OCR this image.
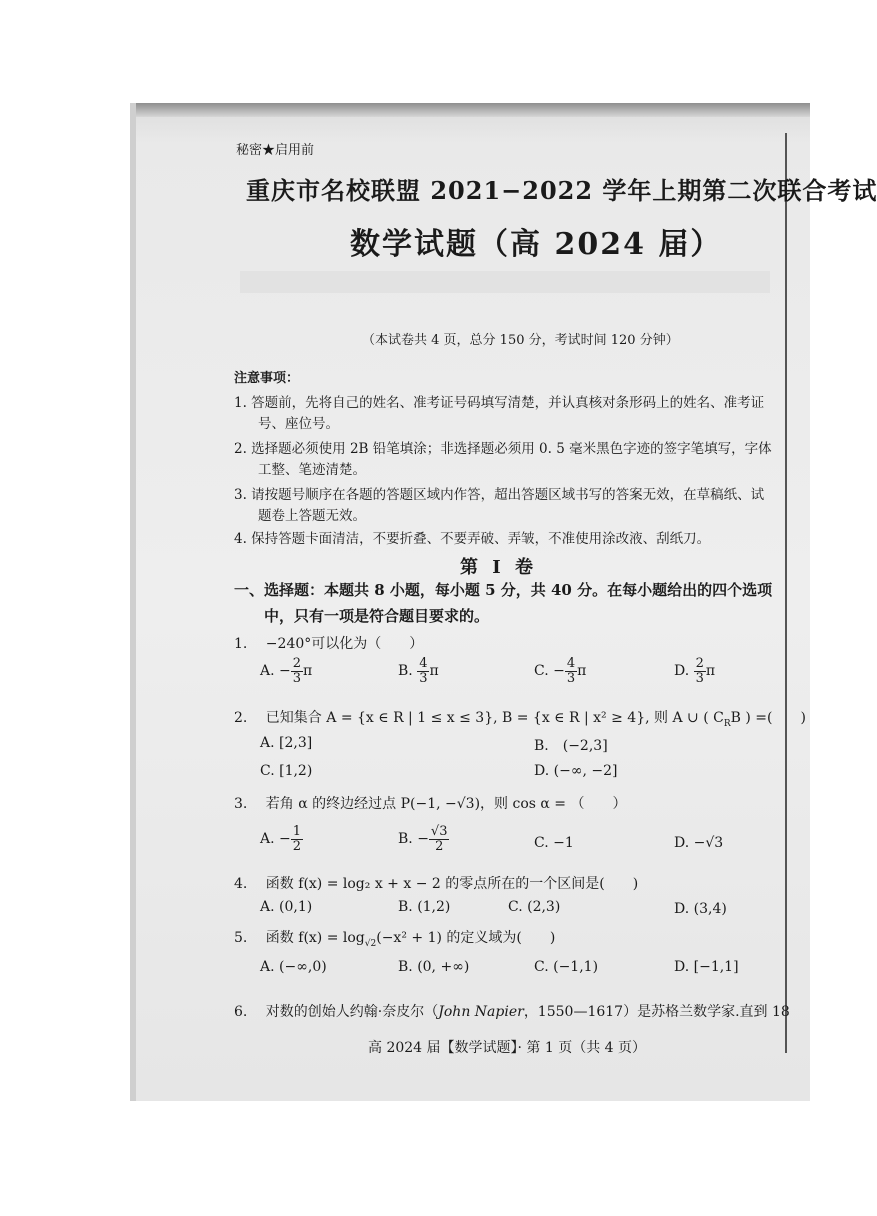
秘密★启用前
重庆市名校联盟 2021−2022 学年上期第二次联合考试
数学试题（高 2024 届）
（本试卷共 4 页，总分 150 分，考试时间 120 分钟）
注意事项：
1. 答题前，先将自己的姓名、准考证号码填写清楚，并认真核对条形码上的姓名、准考证
号、座位号。
2. 选择题必须使用 2B 铅笔填涂；非选择题必须用 0. 5 毫米黑色字迹的签字笔填写，字体
工整、笔迹清楚。
3. 请按题号顺序在各题的答题区域内作答，超出答题区域书写的答案无效，在草稿纸、试
题卷上答题无效。
4. 保持答题卡面清洁，不要折叠、不要弄破、弄皱，不准使用涂改液、刮纸刀。
第 Ⅰ 卷
一、选择题：本题共 8 小题，每小题 5 分，共 40 分。在每小题给出的四个选项
中，只有一项是符合题目要求的。
1.　 −240°可以化为（　　）
A. − $\frac{2}{3}$ π	B. $\frac{4}{3}$ π	C. − $\frac{4}{3}$ π	D. $\frac{2}{3}$ π
2.　 已知集合 A = {x ∈ R | 1 ≤ x ≤ 3}, B = {x ∈ R | x² ≥ 4}, 则 A ∪ ( $C_RB$ ) =(　　)
A. [2,3]	B.　(−2,3]
C. [1,2)	D. (−∞, −2]
3.　 若角 α 的终边经过点 P(−1, −√3)，则 cos α = （　　）
A. − $\frac{1}{2}$	B. − $\frac{√3}{2}$	C. −1	D. −√3
4.　 函数 f(x) = log₂ x + x − 2 的零点所在的一个区间是(　　)
A. (0,1)	B. (1,2)	C. (2,3)	D. (3,4)
5.　 函数 $f(x) = \log_{√2}(-x^2 + 1)$ 的定义域为(　　)
A. (−∞,0)	B. (0, +∞)	C. (−1,1)	D. [−1,1]
6.　 对数的创始人约翰·奈皮尔（John Napier，1550—1617）是苏格兰数学家.直到 18
高 2024 届【数学试题】· 第 1 页（共 4 页）
